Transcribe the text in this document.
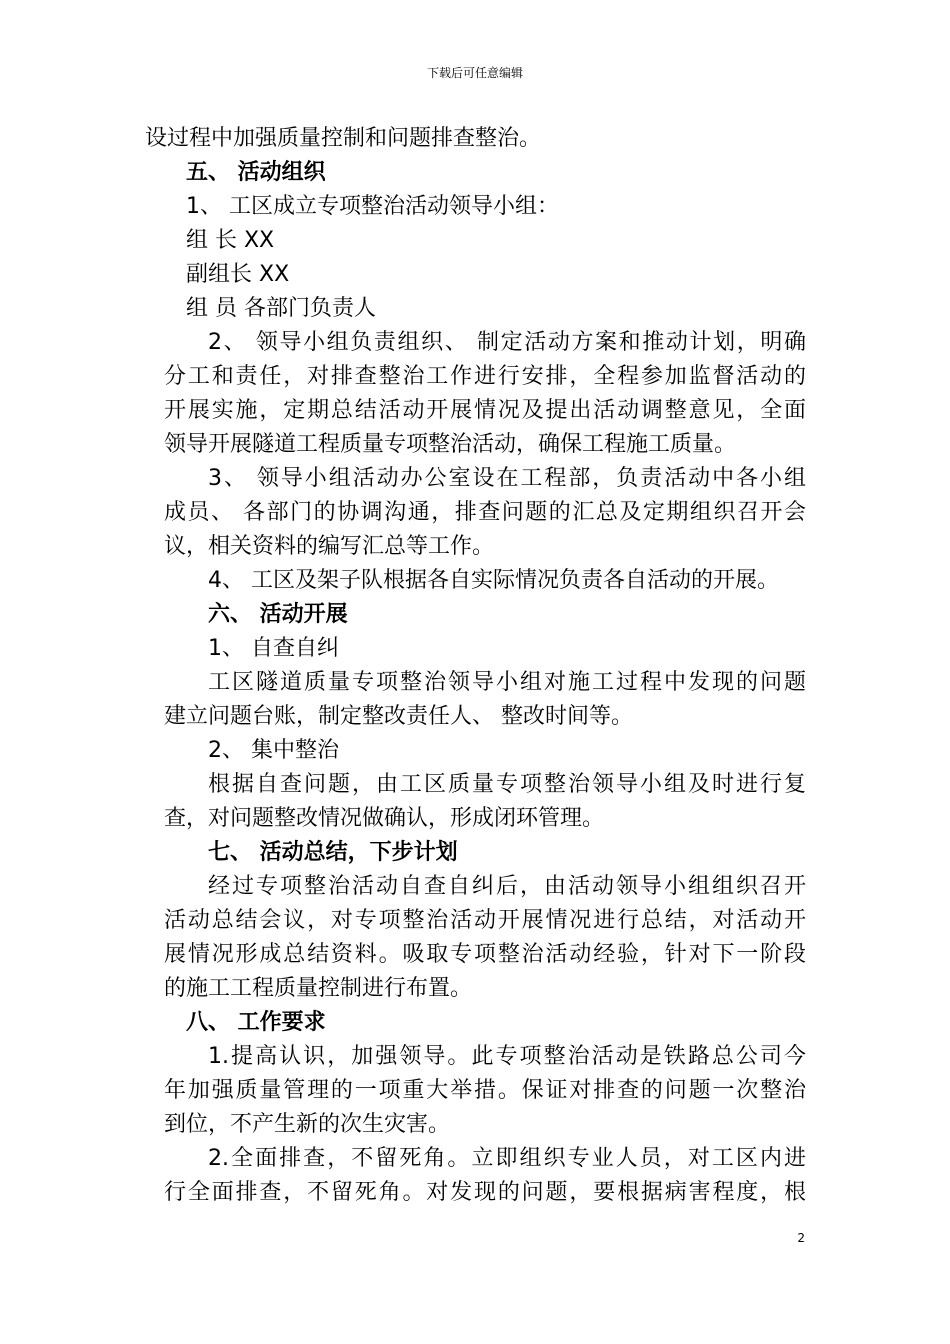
下载后可任意编辑
设过程中加强质量控制和问题排查整治。
五、 活动组织
1、 工区成立专项整治活动领导小组：
组 长 XX
副组长 XX
组 员 各部门负责人
2、 领导小组负责组织、 制定活动方案和推动计划，明确
分工和责任，对排查整治工作进行安排，全程参加监督活动的
开展实施，定期总结活动开展情况及提出活动调整意见，全面
领导开展隧道工程质量专项整治活动，确保工程施工质量。
3、 领导小组活动办公室设在工程部，负责活动中各小组
成员、 各部门的协调沟通，排查问题的汇总及定期组织召开会
议，相关资料的编写汇总等工作。
4、 工区及架子队根据各自实际情况负责各自活动的开展。
六、 活动开展
1、 自查自纠
工区隧道质量专项整治领导小组对施工过程中发现的问题
建立问题台账，制定整改责任人、 整改时间等。
2、 集中整治
根据自查问题，由工区质量专项整治领导小组及时进行复
查，对问题整改情况做确认，形成闭环管理。
七、 活动总结，下步计划
经过专项整治活动自查自纠后，由活动领导小组组织召开
活动总结会议，对专项整治活动开展情况进行总结，对活动开
展情况形成总结资料。吸取专项整治活动经验，针对下一阶段
的施工工程质量控制进行布置。
八、 工作要求
1.提高认识，加强领导。此专项整治活动是铁路总公司今
年加强质量管理的一项重大举措。保证对排查的问题一次整治
到位，不产生新的次生灾害。
2.全面排查，不留死角。立即组织专业人员，对工区内进
行全面排查，不留死角。对发现的问题，要根据病害程度，根
2
